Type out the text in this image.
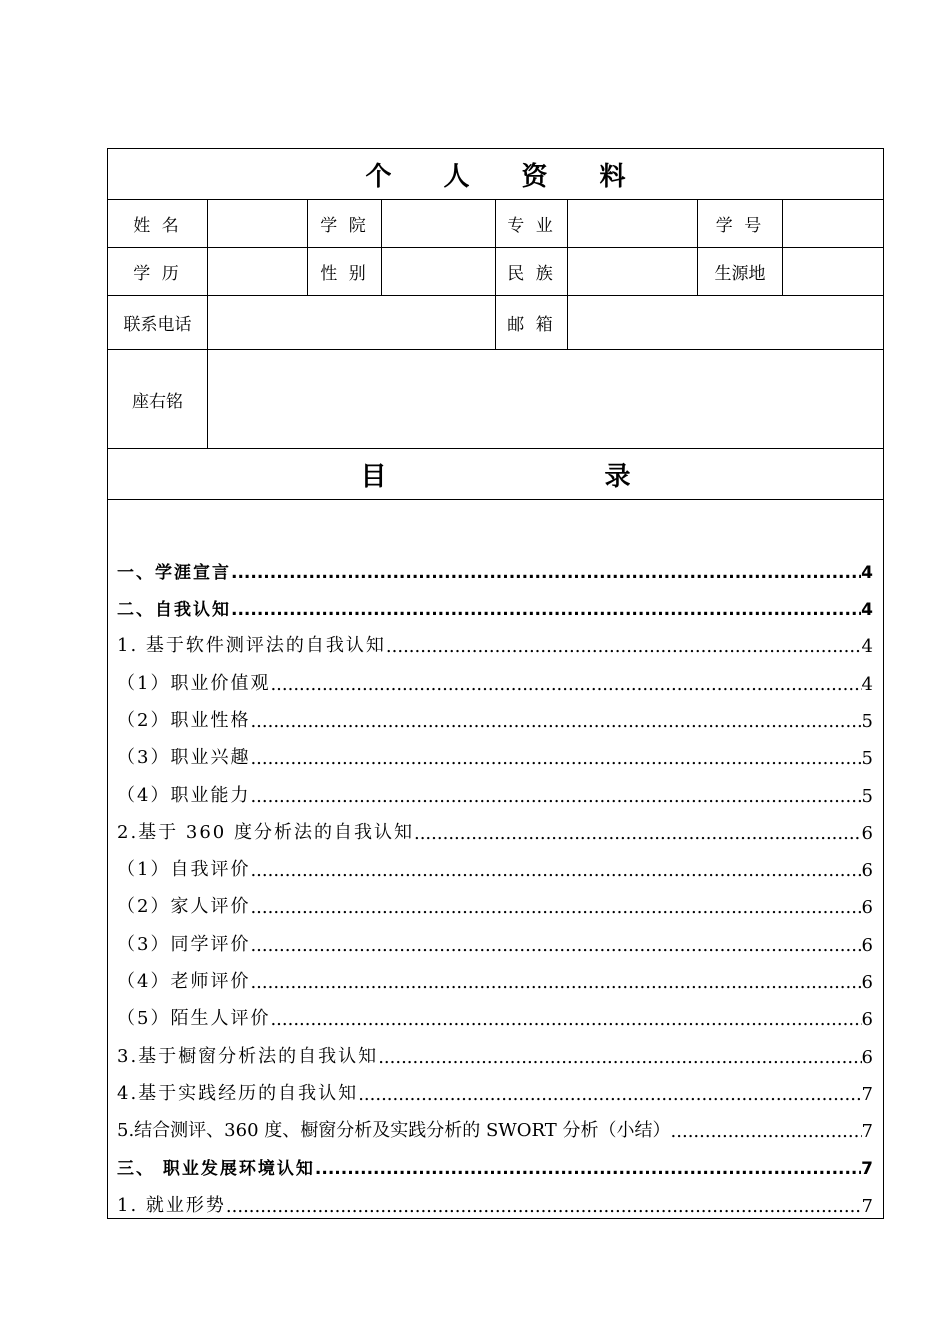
个 人 资 料
姓 名	学 院	专 业	学 号
学 历	性 别	民 族	生源地
联系电话	邮 箱
座右铭
目	录
一、学涯宣言 .....	4
二、自我认知 .....	4
1. 基于软件测评法的自我认知 .....	4
（1）职业价值观 .....	4
（2）职业性格 .....	5
（3）职业兴趣 .....	5
（4）职业能力 .....	5
2.基于 360 度分析法的自我认知 .....	6
（1）自我评价 .....	6
（2）家人评价 .....	6
（3）同学评价 .....	6
（4）老师评价 .....	6
（5）陌生人评价 .....	6
3.基于橱窗分析法的自我认知 .....	6
4.基于实践经历的自我认知 .....	7
5.结合测评、360 度、橱窗分析及实践分析的 SWORT 分析（小结） .....	7
三、 职业发展环境认知 .....	7
1. 就业形势 .....	7
